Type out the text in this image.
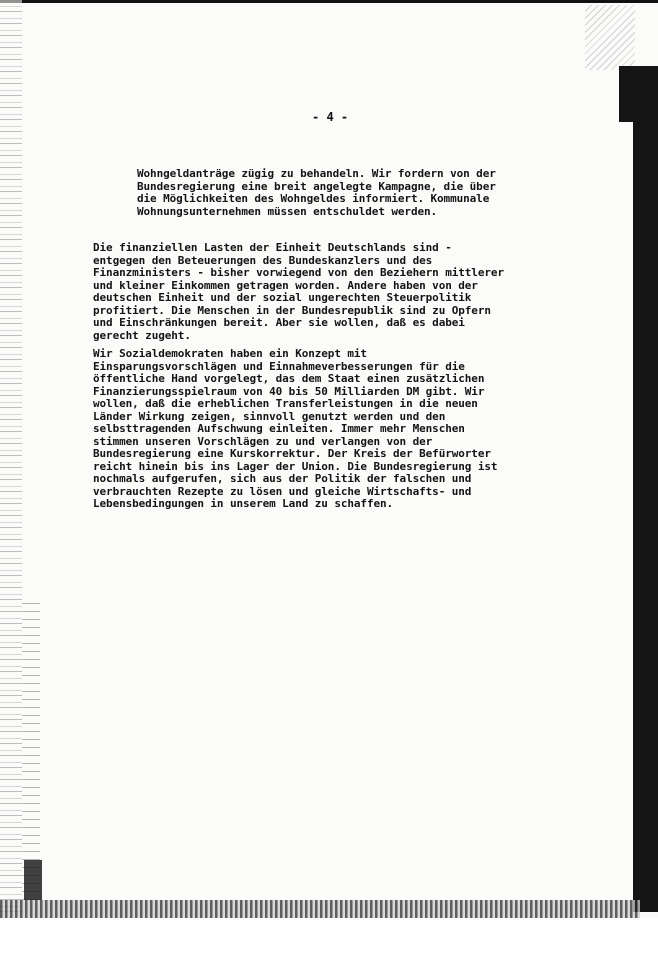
- 4 -
Wohngeldanträge zügig zu behandeln. Wir fordern von der
Bundesregierung eine breit angelegte Kampagne, die über
die Möglichkeiten des Wohngeldes informiert. Kommunale
Wohnungsunternehmen müssen entschuldet werden.
Die finanziellen Lasten der Einheit Deutschlands sind -
entgegen den Beteuerungen des Bundeskanzlers und des
Finanzministers - bisher vorwiegend von den Beziehern mittlerer
und kleiner Einkommen getragen worden. Andere haben von der
deutschen Einheit und der sozial ungerechten Steuerpolitik
profitiert. Die Menschen in der Bundesrepublik sind zu Opfern
und Einschränkungen bereit. Aber sie wollen, daß es dabei
gerecht zugeht.
Wir Sozialdemokraten haben ein Konzept mit
Einsparungsvorschlägen und Einnahmeverbesserungen für die
öffentliche Hand vorgelegt, das dem Staat einen zusätzlichen
Finanzierungsspielraum von 40 bis 50 Milliarden DM gibt. Wir
wollen, daß die erheblichen Transferleistungen in die neuen
Länder Wirkung zeigen, sinnvoll genutzt werden und den
selbsttragenden Aufschwung einleiten. Immer mehr Menschen
stimmen unseren Vorschlägen zu und verlangen von der
Bundesregierung eine Kurskorrektur. Der Kreis der Befürworter
reicht hinein bis ins Lager der Union. Die Bundesregierung ist
nochmals aufgerufen, sich aus der Politik der falschen und
verbrauchten Rezepte zu lösen und gleiche Wirtschafts- und
Lebensbedingungen in unserem Land zu schaffen.
